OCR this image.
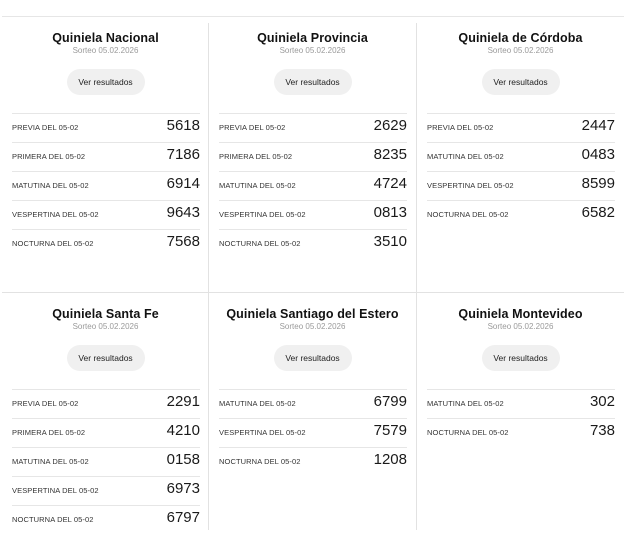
Quiniela Nacional
Sorteo 05.02.2026
Ver resultados
PREVIA DEL 05-02	5618
PRIMERA DEL 05-02	7186
MATUTINA DEL 05-02	6914
VESPERTINA DEL 05-02	9643
NOCTURNA DEL 05-02	7568
Quiniela Provincia
Sorteo 05.02.2026
Ver resultados
PREVIA DEL 05-02	2629
PRIMERA DEL 05-02	8235
MATUTINA DEL 05-02	4724
VESPERTINA DEL 05-02	0813
NOCTURNA DEL 05-02	3510
Quiniela de Córdoba
Sorteo 05.02.2026
Ver resultados
PREVIA DEL 05-02	2447
MATUTINA DEL 05-02	0483
VESPERTINA DEL 05-02	8599
NOCTURNA DEL 05-02	6582
Quiniela Santa Fe
Sorteo 05.02.2026
Ver resultados
PREVIA DEL 05-02	2291
PRIMERA DEL 05-02	4210
MATUTINA DEL 05-02	0158
VESPERTINA DEL 05-02	6973
NOCTURNA DEL 05-02	6797
Quiniela Santiago del Estero
Sorteo 05.02.2026
Ver resultados
MATUTINA DEL 05-02	6799
VESPERTINA DEL 05-02	7579
NOCTURNA DEL 05-02	1208
Quiniela Montevideo
Sorteo 05.02.2026
Ver resultados
MATUTINA DEL 05-02	302
NOCTURNA DEL 05-02	738
